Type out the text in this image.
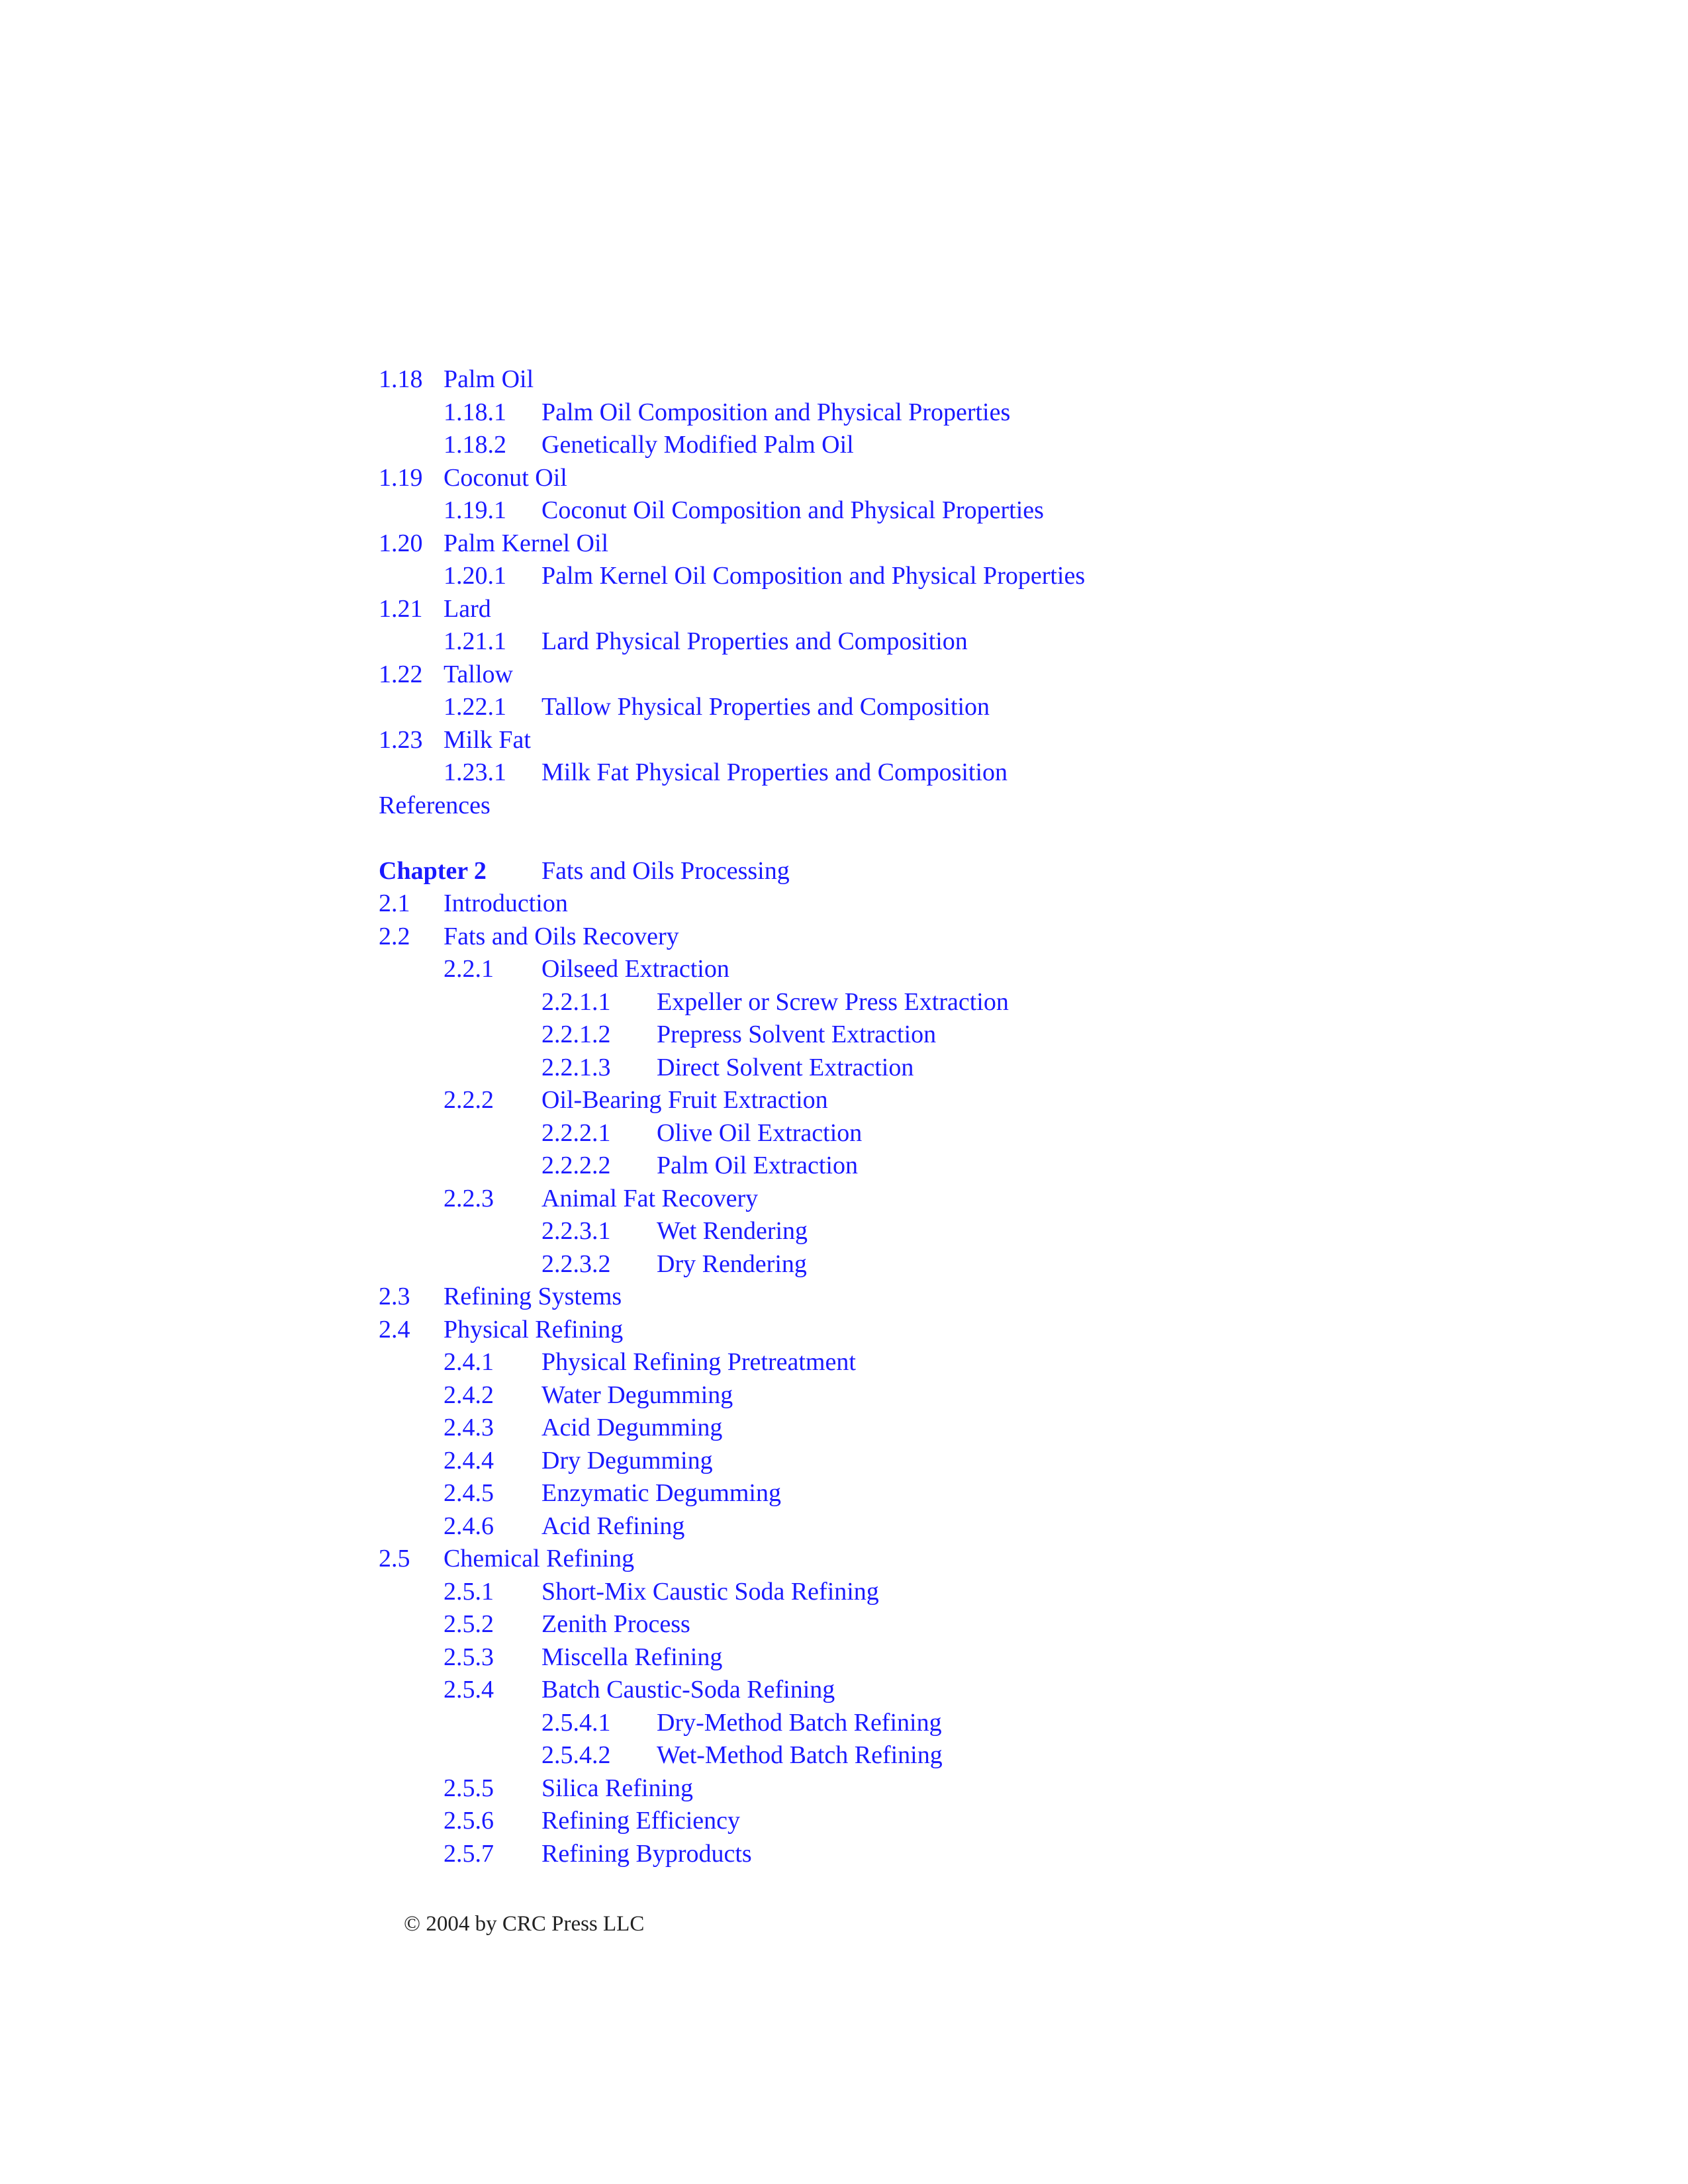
1.18 Palm Oil
1.18.1 Palm Oil Composition and Physical Properties
1.18.2 Genetically Modified Palm Oil
1.19 Coconut Oil
1.19.1 Coconut Oil Composition and Physical Properties
1.20 Palm Kernel Oil
1.20.1 Palm Kernel Oil Composition and Physical Properties
1.21 Lard
1.21.1 Lard Physical Properties and Composition
1.22 Tallow
1.22.1 Tallow Physical Properties and Composition
1.23 Milk Fat
1.23.1 Milk Fat Physical Properties and Composition
References
Chapter 2 Fats and Oils Processing
2.1 Introduction
2.2 Fats and Oils Recovery
2.2.1 Oilseed Extraction
2.2.1.1 Expeller or Screw Press Extraction
2.2.1.2 Prepress Solvent Extraction
2.2.1.3 Direct Solvent Extraction
2.2.2 Oil-Bearing Fruit Extraction
2.2.2.1 Olive Oil Extraction
2.2.2.2 Palm Oil Extraction
2.2.3 Animal Fat Recovery
2.2.3.1 Wet Rendering
2.2.3.2 Dry Rendering
2.3 Refining Systems
2.4 Physical Refining
2.4.1 Physical Refining Pretreatment
2.4.2 Water Degumming
2.4.3 Acid Degumming
2.4.4 Dry Degumming
2.4.5 Enzymatic Degumming
2.4.6 Acid Refining
2.5 Chemical Refining
2.5.1 Short-Mix Caustic Soda Refining
2.5.2 Zenith Process
2.5.3 Miscella Refining
2.5.4 Batch Caustic-Soda Refining
2.5.4.1 Dry-Method Batch Refining
2.5.4.2 Wet-Method Batch Refining
2.5.5 Silica Refining
2.5.6 Refining Efficiency
2.5.7 Refining Byproducts
© 2004 by CRC Press LLC
